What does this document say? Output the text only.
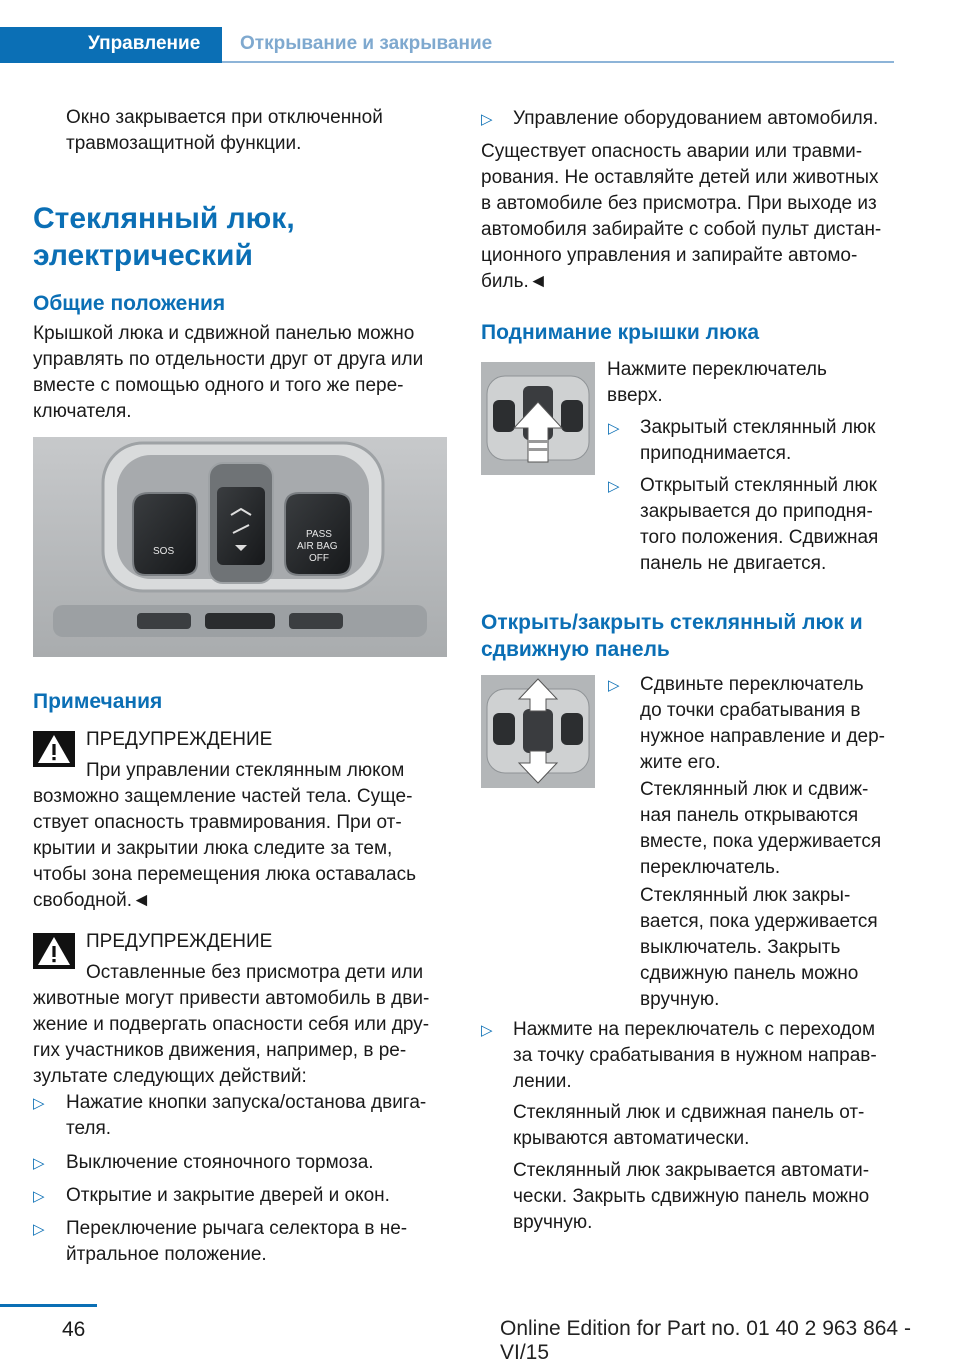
Управление Открывание и закрывание
Окно закрывается при отключенной
травмозащитной функции.
Стеклянный люк,
электрический
Общие положения
Крышкой люка и сдвижной панелью можно
управлять по отдельности друг от друга или
вместе с помощью одного и того же пере-
ключателя.
SOS
PASS
AIR BAG
OFF
Примечания
ПРЕДУПРЕЖДЕНИЕ
При управлении стеклянным люком
возможно защемление частей тела. Суще-
ствует опасность травмирования. При от-
крытии и закрытии люка следите за тем,
чтобы зона перемещения люка оставалась
свободной.◄
ПРЕДУПРЕЖДЕНИЕ
Оставленные без присмотра дети или
животные могут привести автомобиль в дви-
жение и подвергать опасности себя или дру-
гих участников движения, например, в ре-
зультате следующих действий:
▷ Нажатие кнопки запуска/останова двига-
теля.
▷ Выключение стояночного тормоза.
▷ Открытие и закрытие дверей и окон.
▷ Переключение рычага селектора в не-
йтральное положение.
▷ Управление оборудованием автомобиля.
Существует опасность аварии или травми-
рования. Не оставляйте детей или животных
в автомобиле без присмотра. При выходе из
автомобиля забирайте с собой пульт дистан-
ционного управления и запирайте автомо-
биль.◄
Поднимание крышки люка
Нажмите переключатель
вверх.
▷ Закрытый стеклянный люк
приподнимается.
▷ Открытый стеклянный люк
закрывается до приподня-
того положения. Сдвижная
панель не двигается.
Открыть/закрыть стеклянный люк и
сдвижную панель
▷ Сдвиньте переключатель
до точки срабатывания в
нужное направление и дер-
жите его.
Стеклянный люк и сдвиж-
ная панель открываются
вместе, пока удерживается
переключатель.
Стеклянный люк закры-
вается, пока удерживается
выключатель. Закрыть
сдвижную панель можно
вручную.
▷ Нажмите на переключатель с переходом
за точку срабатывания в нужном направ-
лении.
Стеклянный люк и сдвижная панель от-
крываются автоматически.
Стеклянный люк закрывается автомати-
чески. Закрыть сдвижную панель можно
вручную.
46	Online Edition for Part no. 01 40 2 963 864 - VI/15
